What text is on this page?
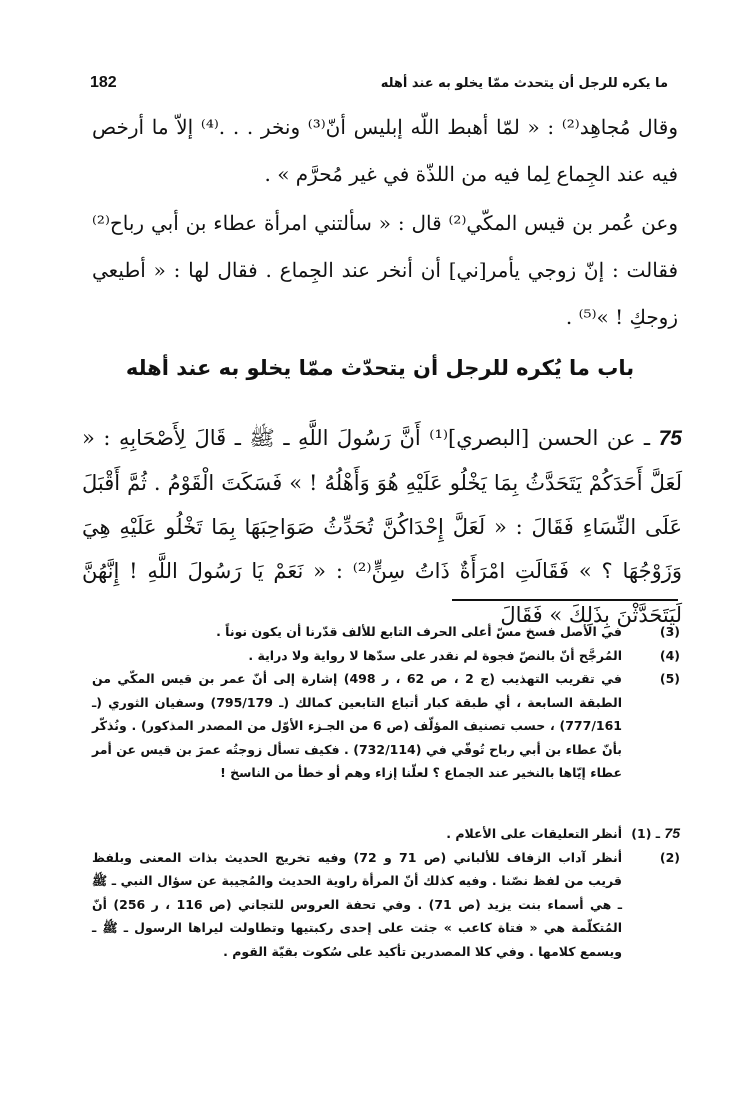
ما يكره للرجل أن يتحدث ممّا يخلو به عند أهله
182
وقال مُجاهِد⁽²⁾ : « لمّا أهبط اللّه إبليس أنّ⁽³⁾ ونخر . . .⁽⁴⁾ إلاّ ما أرخص فيه عند الجِماع لِما فيه من اللذّة في غير مُحرَّم » .
وعن عُمر بن قيس المكّي⁽²⁾ قال : « سألتني امرأة عطاء بن أبي رباح⁽²⁾ فقالت : إنّ زوجي يأمر[ني] أن أنخر عند الجِماع . فقال لها : « أطيعي زوجكِ ! »⁽⁵⁾ .
باب ما يُكره للرجل أن يتحدّث ممّا يخلو به عند أهله
75 ـ عن الحسن [البصري]⁽¹⁾ أَنَّ رَسُولَ اللَّهِ ـ ﷺ ـ قَالَ لِأَصْحَابِهِ : « لَعَلَّ أَحَدَكُمْ يَتَحَدَّثُ بِمَا يَخْلُو عَلَيْهِ هُوَ وَأَهْلُهُ ! » فَسَكَتَ الْقَوْمُ . ثُمَّ أَقْبَلَ عَلَى النِّسَاءِ فَقَالَ : « لَعَلَّ إِحْدَاكُنَّ تُحَدِّثُ صَوَاحِبَهَا بِمَا تَخْلُو عَلَيْهِ هِيَ وَزَوْجُهَا ؟ » فَقَالَتِ امْرَأَةٌ ذَاتُ سِنٍّ⁽²⁾ : « نَعَمْ يَا رَسُولَ اللَّهِ ! إِنَّهُنَّ لَيَتَحَدَّثْنَ بِذَلِكَ » فَقَالَ
(3)
في الأصل فسخ مسّ أعلى الحرف التابع للألف قدّرنا أن يكون نوناً .
(4)
المُرجَّح أنّ بالنصّ فجوة لم نقدر على سدّها لا رواية ولا دراية .
(5)
في تقريب التهذيب (ج 2 ، ص 62 ، ر 498) إشارة إلى أنّ عمر بن قيس المكّي من الطبقة السابعة ، أي طبقة كبار أتباع التابعين كمالك (ـ 795/179) وسفيان الثوري (ـ 777/161) ، حسب تصنيف المؤلّف (ص 6 من الجـزء الأوّل من المصدر المذكور) . ونُذكّر بأنّ عطاء بن أبي رباح تُوفّي في (732/114) . فكيف تسأل زوجتُه عمرَ بن قيس عن أمر عطاء إيّاها بالنخير عند الجماع ؟ لعلّنا إزاء وهم أو خطأ من الناسخ !
75 ـ (1)
أنظر التعليقات على الأعلام .
(2)
أنظر آداب الزفاف للألباني (ص 71 و 72) وفيه تخريج الحديث بذات المعنى وبلفظ قريب من لفظ نصّنا . وفيه كذلك أنّ المرأة راوية الحديث والمُجيبة عن سؤال النبي ـ ﷺ ـ هي أسماء بنت يزيد (ص 71) . وفي تحفة العروس للتجاني (ص 116 ، ر 256) أنّ المُتكلّمة هي « فتاة كاعب » جثت على إحدى ركبتيها وتطاولت ليراها الرسول ـ ﷺ ـ ويسمع كلامها . وفي كلا المصدرين تأكيد على سُكوت بقيّة القوم .
